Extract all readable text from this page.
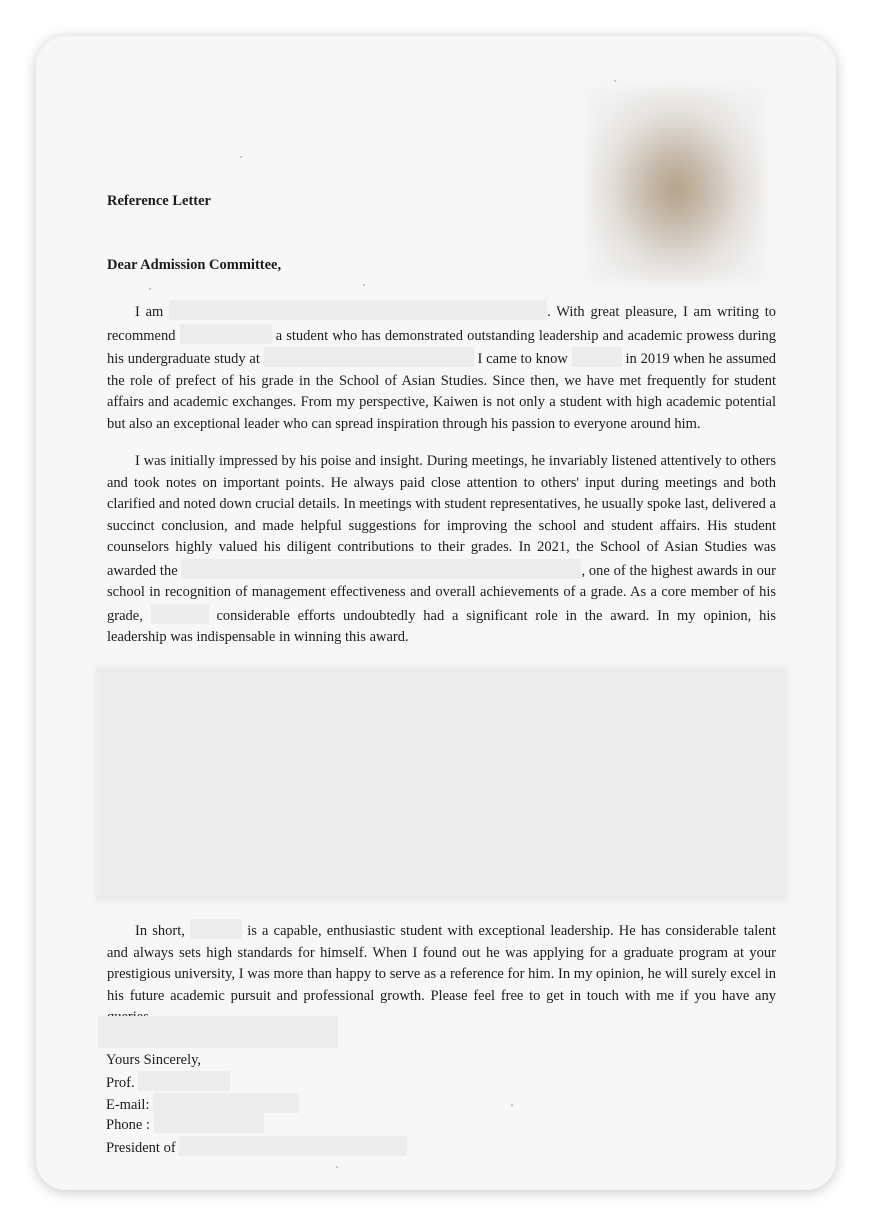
Reference Letter
Dear Admission Committee,

I am	. With great pleasure, I am writing to recommend	a student who has demonstrated outstanding leadership and academic prowess during his undergraduate study at	I came to know	in 2019 when he assumed the role of prefect of his grade in the School of Asian Studies. Since then, we have met frequently for student affairs and academic exchanges. From my perspective, Kaiwen is not only a student with high academic potential but also an exceptional leader who can spread inspiration through his passion to everyone around him.

I was initially impressed by his poise and insight. During meetings, he invariably listened attentively to others and took notes on important points. He always paid close attention to others' input during meetings and both clarified and noted down crucial details. In meetings with student representatives, he usually spoke last, delivered a succinct conclusion, and made helpful suggestions for improving the school and student affairs. His student counselors highly valued his diligent contributions to their grades. In 2021, the School of Asian Studies was awarded the	, one of the highest awards in our school in recognition of management effectiveness and overall achievements of a grade. As a core member of his grade,	considerable efforts undoubtedly had a significant role in the award. In my opinion, his leadership was indispensable in winning this award.

In short,	is a capable, enthusiastic student with exceptional leadership. He has considerable talent and always sets high standards for himself. When I found out he was applying for a graduate program at your prestigious university, I was more than happy to serve as a reference for him. In my opinion, he will surely excel in his future academic pursuit and professional growth. Please feel free to get in touch with me if you have any

Yours Sincerely,
Prof.
E-mail:
Phone :
President of
